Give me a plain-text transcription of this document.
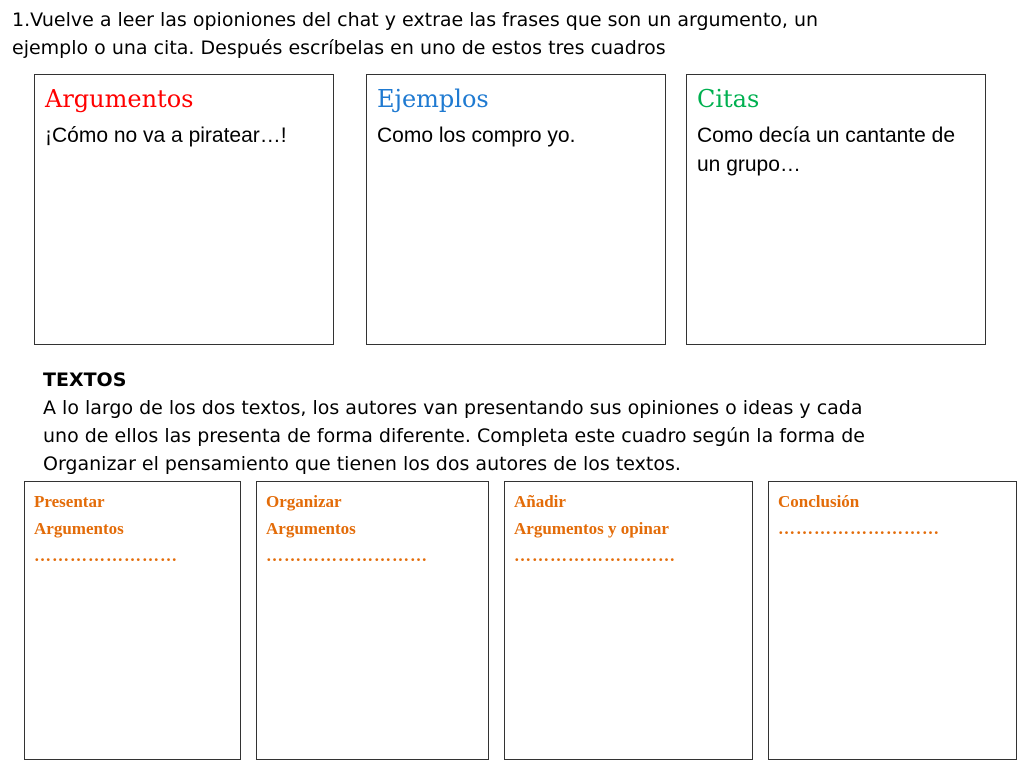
1.Vuelve a leer las opioniones del chat y extrae las frases que son un argumento, un
ejemplo o una cita. Después escríbelas en uno de estos tres cuadros
Argumentos
¡Cómo no va a piratear…!
Ejemplos
Como los compro yo.
Citas
Como decía un cantante de un grupo…
TEXTOS
A lo largo de los dos textos, los autores van presentando sus opiniones o ideas y cada
uno de ellos las presenta de forma diferente. Completa este cuadro según la forma de
Organizar el pensamiento que tienen los dos autores de los textos.
Presentar
Argumentos
……………………
Organizar
Argumentos
………………………
Añadir
Argumentos y opinar
………………………
Conclusión
………………………
